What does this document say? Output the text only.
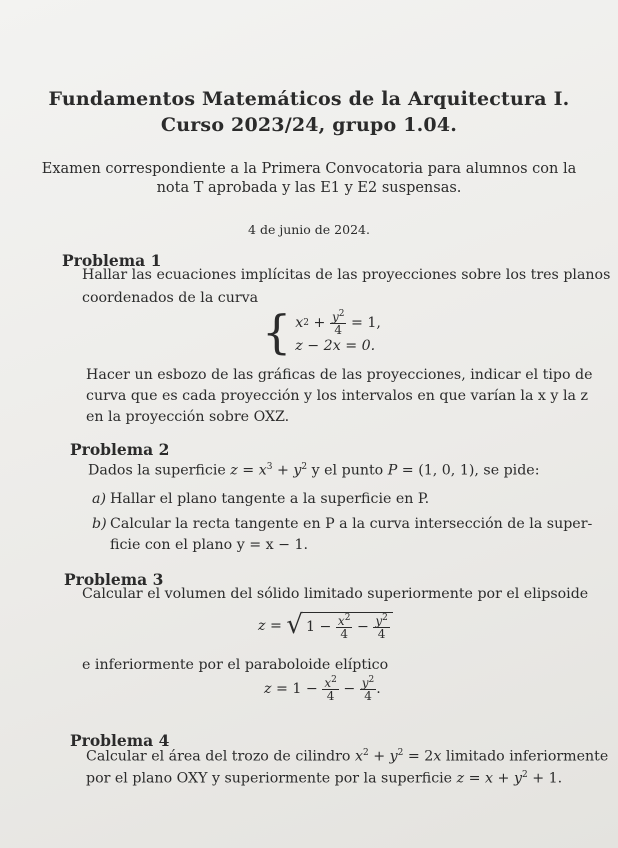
Fundamentos Matemáticos de la Arquitectura I.
Curso 2023/24, grupo 1.04.
Examen correspondiente a la Primera Convocatoria para alumnos con la
nota T aprobada y las E1 y E2 suspensas.
4 de junio de 2024.
Problema 1
Hallar las ecuaciones implícitas de las proyecciones sobre los tres planos
coordenados de la curva
{ x $2 + \frac{y^2}{4}$
= 1,
z − 2x = 0.
Hacer un esbozo de las gráficas de las proyecciones, indicar el tipo de
curva que es cada proyección y los intervalos en que varían la x y la z
en la proyección sobre OXZ.
Problema 2
Dados la superficie $z = x^3 + y^2$ y el punto P = (1, 0, 1), se pide:
a) Hallar el plano tangente a la superficie en P.
b) Calcular la recta tangente en P a la curva intersección de la super-
ficie con el plano y = x − 1.
Problema 3
Calcular el volumen del sólido limitado superiormente por el elipsoide
z = √ $1 - \frac{x^2}{4} - \frac{y^2}{4}$
e inferiormente por el paraboloide elíptico
$z = 1 - \frac{x^2}{4} - \frac{y^2}{4}$ .
Problema 4
Calcular el área del trozo de cilindro $x^2 + y^2 = 2x$ limitado inferiormente
por el plano OXY y superiormente por la superficie $z = x + y^2 + 1$.
